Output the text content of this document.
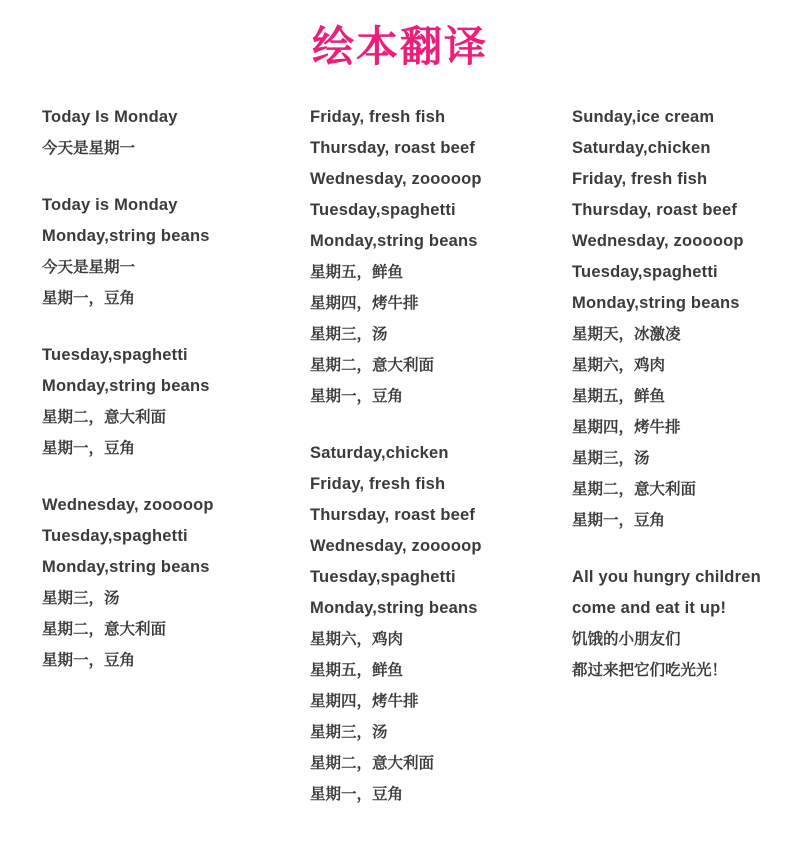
绘本翻译
Today Is Monday
今天是星期一
Today is Monday
Monday,string beans
今天是星期一
星期一，豆角
Tuesday,spaghetti
Monday,string beans
星期二，意大利面
星期一，豆角
Wednesday, zooooop
Tuesday,spaghetti
Monday,string beans
星期三，汤
星期二，意大利面
星期一，豆角
Friday, fresh fish
Thursday, roast beef
Wednesday, zooooop
Tuesday,spaghetti
Monday,string beans
星期五，鲜鱼
星期四，烤牛排
星期三，汤
星期二，意大利面
星期一，豆角
Saturday,chicken
Friday, fresh fish
Thursday, roast beef
Wednesday, zooooop
Tuesday,spaghetti
Monday,string beans
星期六，鸡肉
星期五，鲜鱼
星期四，烤牛排
星期三，汤
星期二，意大利面
星期一，豆角
Sunday,ice cream
Saturday,chicken
Friday, fresh fish
Thursday, roast beef
Wednesday, zooooop
Tuesday,spaghetti
Monday,string beans
星期天，冰激凌
星期六，鸡肉
星期五，鲜鱼
星期四，烤牛排
星期三，汤
星期二，意大利面
星期一，豆角
All you hungry children
come and eat it up!
饥饿的小朋友们
都过来把它们吃光光！
